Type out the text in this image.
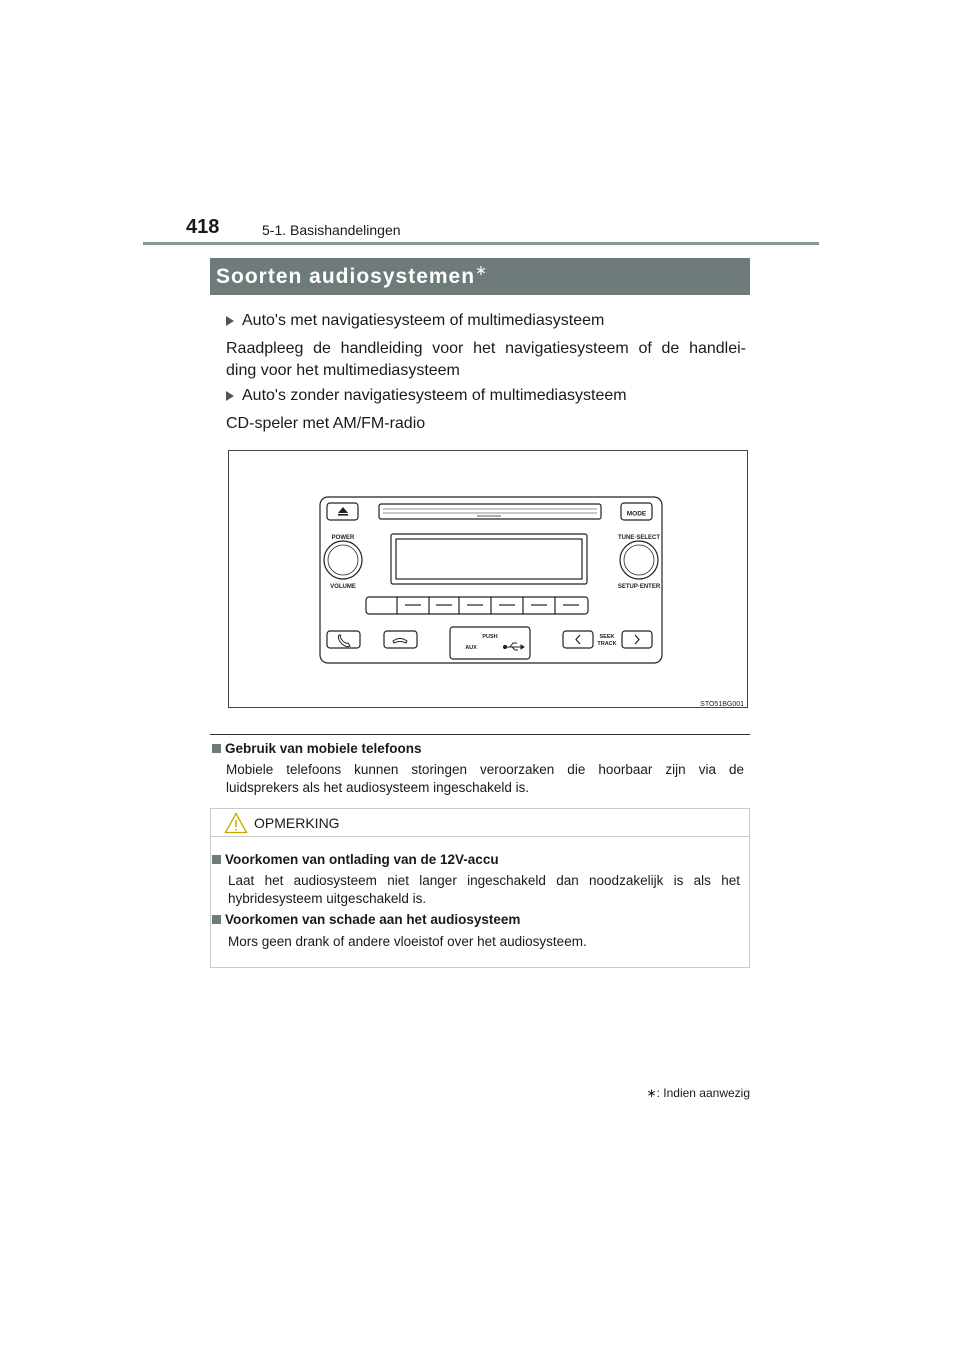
418	5-1. Basishandelingen
Soorten audiosystemen∗
Auto's met navigatiesysteem of multimediasysteem
Raadpleeg de handleiding voor het navigatiesysteem of de handlei-
ding voor het multimediasysteem
Auto's zonder navigatiesysteem of multimediasysteem
CD-speler met AM/FM-radio
MODE
POWER
VOLUME
TUNE·SELECT
SETUP·ENTER
PUSH
AUX
SEEK
TRACK
STO51BG001
Gebruik van mobiele telefoons
Mobiele telefoons kunnen storingen veroorzaken die hoorbaar zijn via de
luidsprekers als het audiosysteem ingeschakeld is.
OPMERKING
Voorkomen van ontlading van de 12V-accu
Laat het audiosysteem niet langer ingeschakeld dan noodzakelijk is als het
hybridesysteem uitgeschakeld is.
Voorkomen van schade aan het audiosysteem
Mors geen drank of andere vloeistof over het audiosysteem.
∗: Indien aanwezig
